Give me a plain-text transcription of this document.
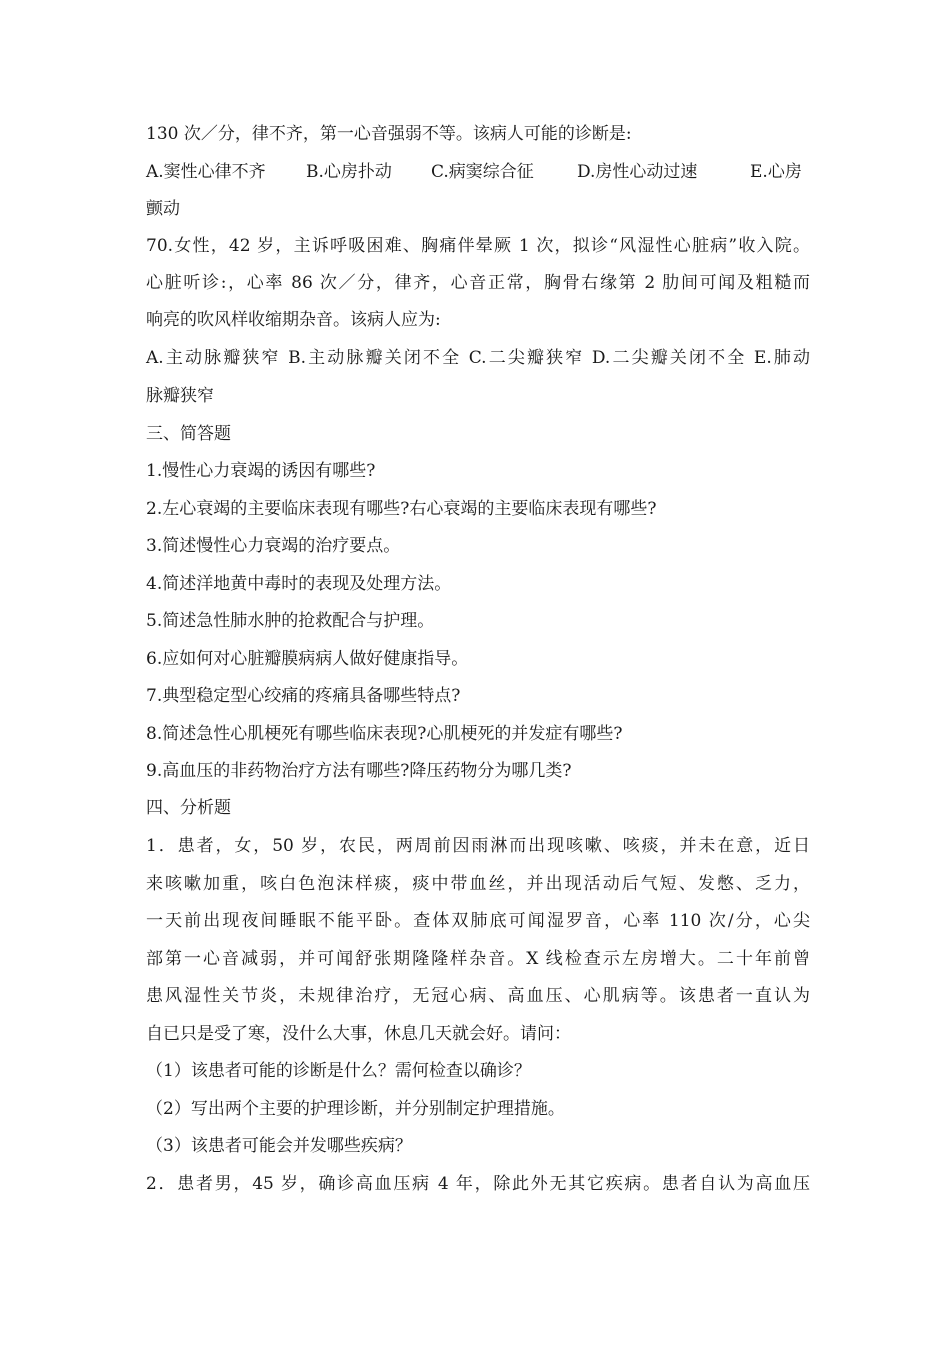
130 次／分，律不齐，第一心音强弱不等。该病人可能的诊断是:
A.窦性心律不齐 B.心房扑动 C.病窦综合征	D.房性心动过速	E.心房
颤动
70.女性，42 岁，主诉呼吸困难、胸痛伴晕厥 1 次，拟诊“风湿性心脏病”收入院。
心脏听诊:，心率 86 次／分，律齐，心音正常，胸骨右缘第 2 肋间可闻及粗糙而
响亮的吹风样收缩期杂音。该病人应为:
A.主动脉瓣狭窄 B.主动脉瓣关闭不全 C.二尖瓣狭窄 D.二尖瓣关闭不全 E.肺动
脉瓣狭窄
三、简答题
1.慢性心力衰竭的诱因有哪些?
2.左心衰竭的主要临床表现有哪些?右心衰竭的主要临床表现有哪些?
3.简述慢性心力衰竭的治疗要点。
4.简述洋地黄中毒时的表现及处理方法。
5.简述急性肺水肿的抢救配合与护理。
6.应如何对心脏瓣膜病病人做好健康指导。
7.典型稳定型心绞痛的疼痛具备哪些特点?
8.简述急性心肌梗死有哪些临床表现?心肌梗死的并发症有哪些?
9.高血压的非药物治疗方法有哪些?降压药物分为哪几类?
四、分析题
1．患者，女，50 岁，农民，两周前因雨淋而出现咳嗽、咳痰，并未在意，近日
来咳嗽加重，咳白色泡沫样痰，痰中带血丝，并出现活动后气短、发憋、乏力，
一天前出现夜间睡眠不能平卧。查体双肺底可闻湿罗音，心率 110 次/分，心尖
部第一心音减弱，并可闻舒张期隆隆样杂音。X 线检查示左房增大。二十年前曾
患风湿性关节炎，未规律治疗，无冠心病、高血压、心肌病等。该患者一直认为
自已只是受了寒，没什么大事，休息几天就会好。请问：
（1）该患者可能的诊断是什么？需何检查以确诊？
（2）写出两个主要的护理诊断，并分别制定护理措施。
（3）该患者可能会并发哪些疾病？
2．患者男，45 岁，确诊高血压病 4 年，除此外无其它疾病。患者自认为高血压
